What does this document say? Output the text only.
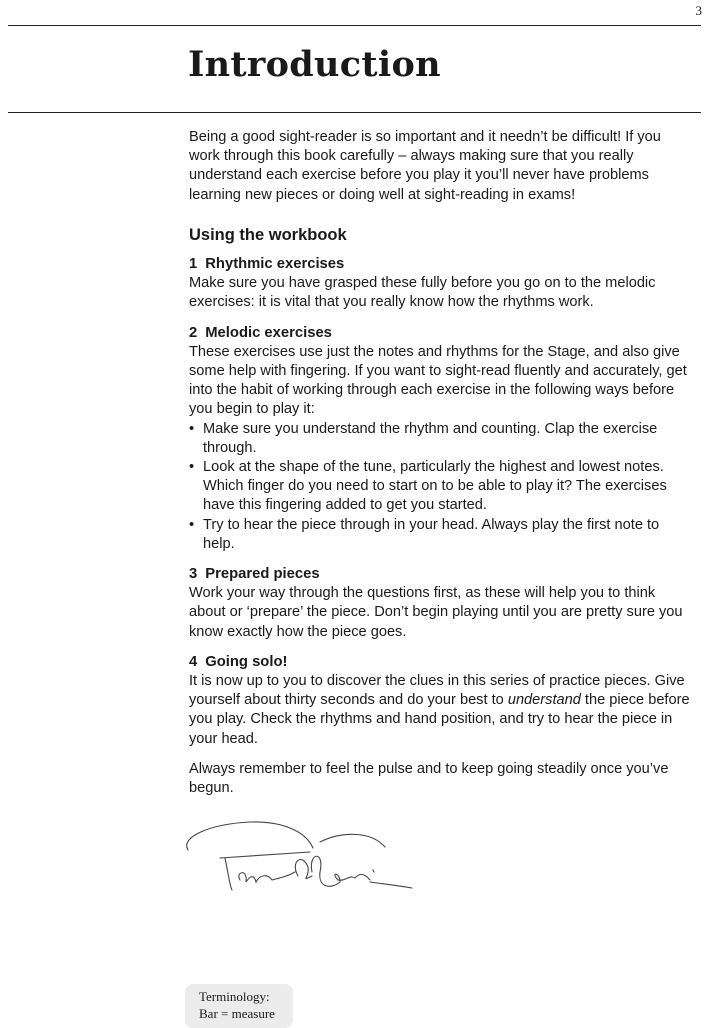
3
Introduction

Being a good sight-reader is so important and it needn’t be difficult! If you work through this book carefully – always making sure that you really understand each exercise before you play it you’ll never have problems learning new pieces or doing well at sight-reading in exams!

Using the workbook
1 Rhythmic exercises

Make sure you have grasped these fully before you go on to the melodic exercises: it is vital that you really know how the rhythms work.

2 Melodic exercises

These exercises use just the notes and rhythms for the Stage, and also give some help with fingering. If you want to sight-read fluently and accurately, get into the habit of working through each exercise in the following ways before you begin to play it:

• Make sure you understand the rhythm and counting. Clap the exercise through.
• Look at the shape of the tune, particularly the highest and lowest notes. Which finger do you need to start on to be able to play it? The exercises have this fingering added to get you started.
• Try to hear the piece through in your head. Always play the first note to help.
3 Prepared pieces

Work your way through the questions first, as these will help you to think about or ‘prepare’ the piece. Don’t begin playing until you are pretty sure you know exactly how the piece goes.

4 Going solo!

It is now up to you to discover the clues in this series of practice pieces. Give yourself about thirty seconds and do your best to understand the piece before you play. Check the rhythms and hand position, and try to hear the piece in your head.

Always remember to feel the pulse and to keep going steadily once you’ve begun.

Terminology:
Bar = measure
